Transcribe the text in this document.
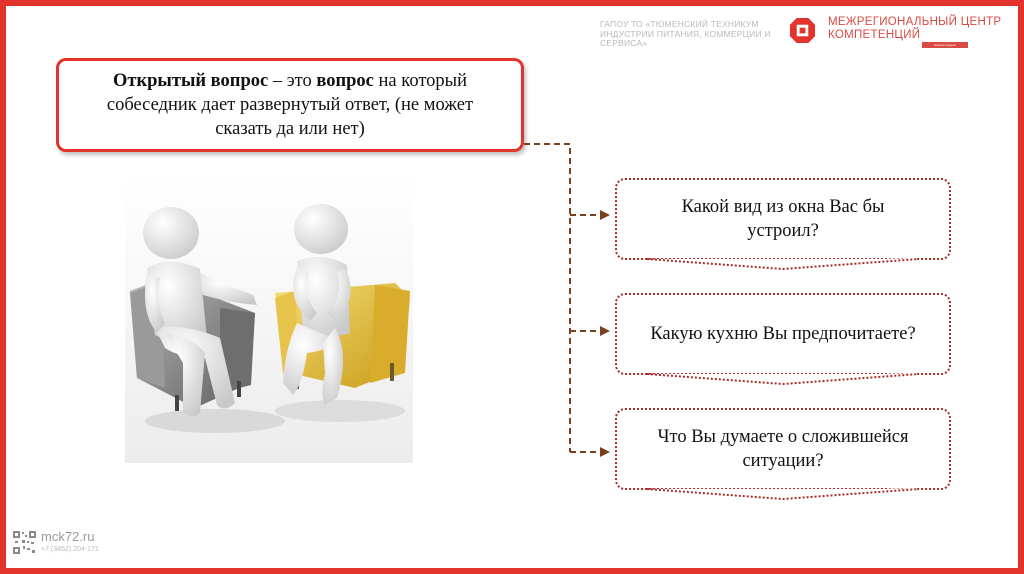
ГАПОУ ТО «ТЮМЕНСКИЙ ТЕХНИКУМ ИНДУСТРИИ ПИТАНИЯ, КОММЕРЦИИ И СЕРВИСА»
МЕЖРЕГИОНАЛЬНЫЙ ЦЕНТР КОМПЕТЕНЦИЙ
Навыки мудрых
Открытый вопрос – это вопрос на который собеседник дает развернутый ответ, (не может сказать да или нет)
Какой вид из окна Вас бы устроил?
Какую кухню Вы предпочитаете?
Что Вы думаете о сложившейся ситуации?
mck72.ru
+7 (3452) 204-171
